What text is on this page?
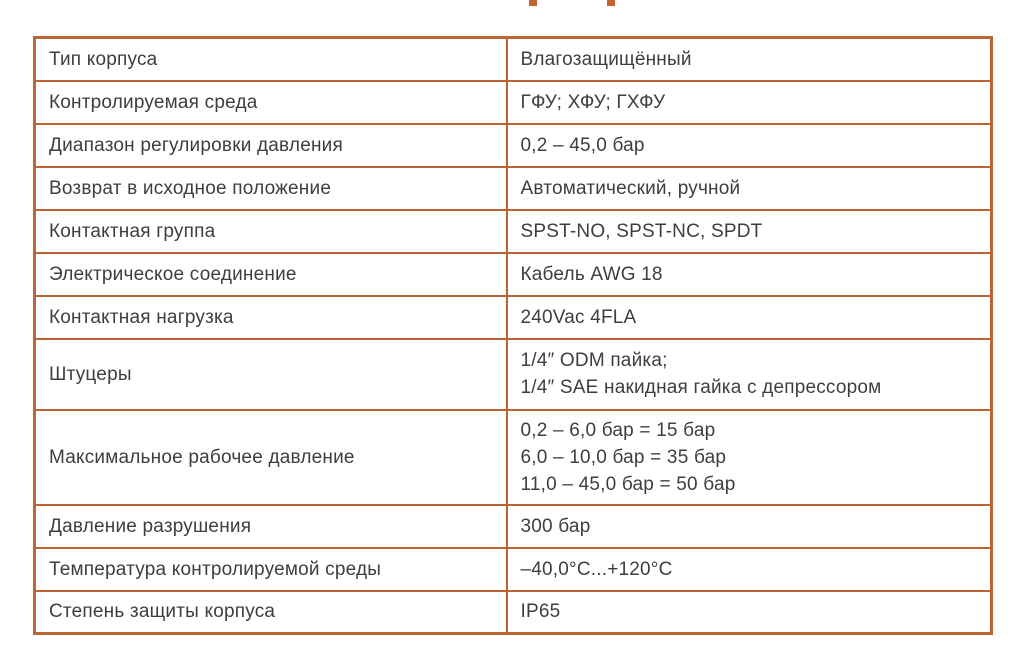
Тип корпуса	Влагозащищённый

Контролируемая среда	ГФУ; ХФУ; ГХФУ

Диапазон регулировки давления	0,2 – 45,0 бар

Возврат в исходное положение	Автоматический, ручной

Контактная группа	SPST-NO, SPST-NC, SPDT

Электрическое соединение	Кабель AWG 18

Контактная нагрузка	240Vac 4FLA

Штуцеры	1/4″ ODM пайка;
1/4″ SAE накидная гайка с депрессором

Максимальное рабочее давление	0,2 – 6,0 бар = 15 бар
6,0 – 10,0 бар = 35 бар
11,0 – 45,0 бар = 50 бар

Давление разрушения	300 бар

Температура контролируемой среды	–40,0°C...+120°C

Степень защиты корпуса	IP65
